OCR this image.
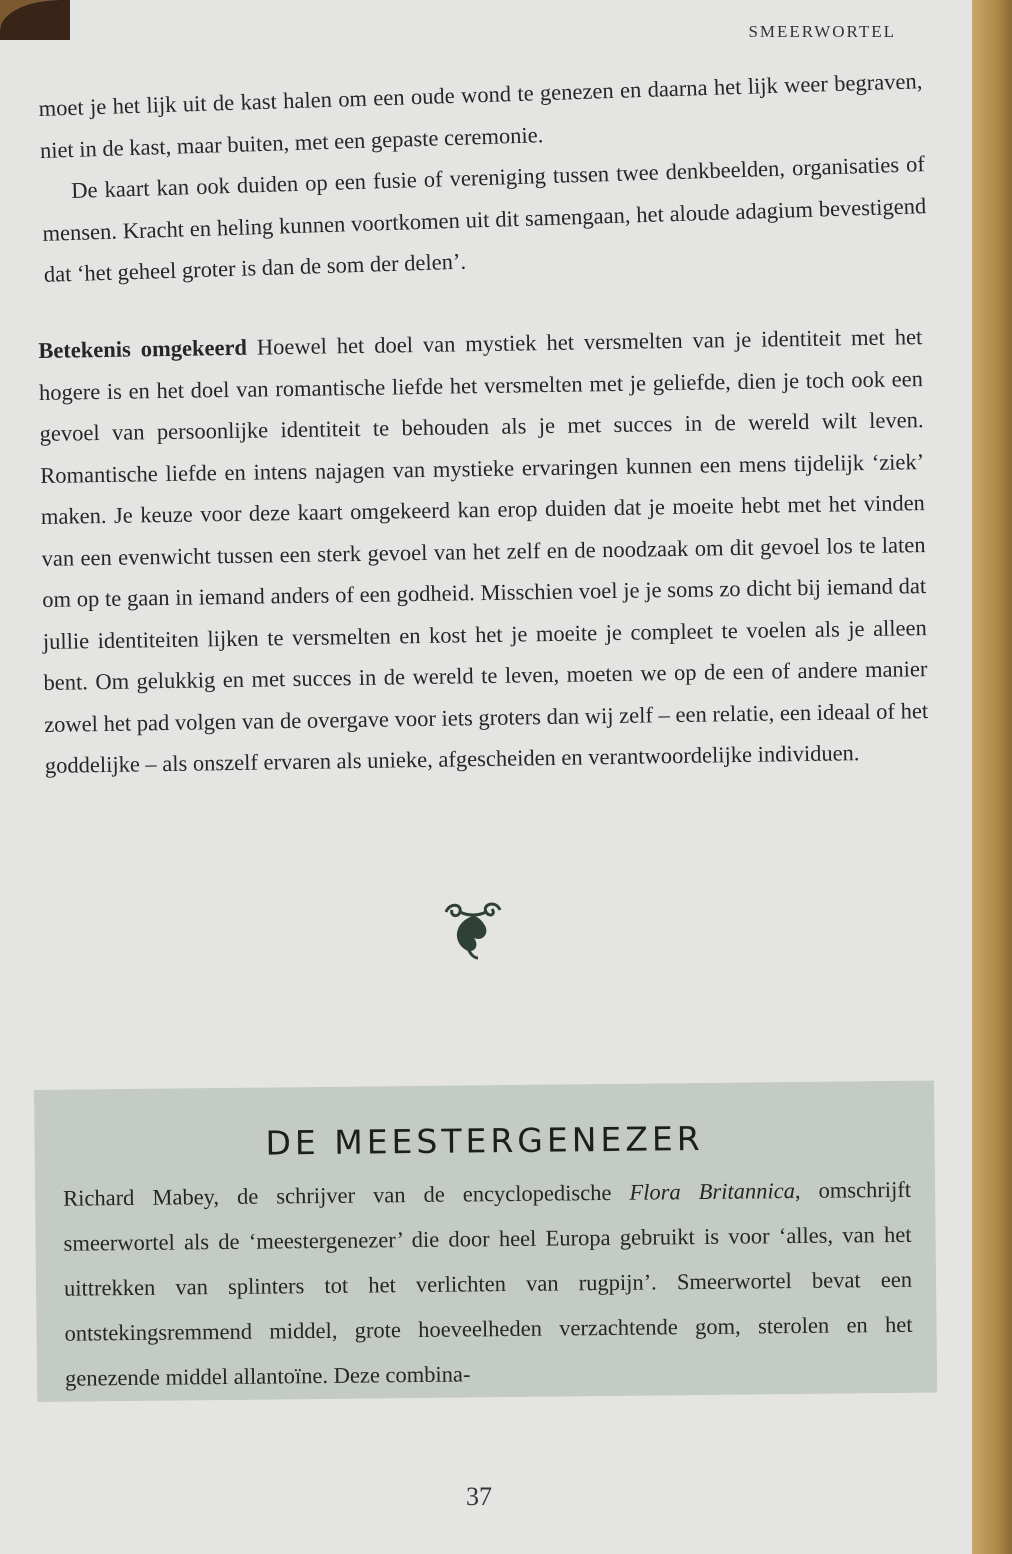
SMEERWORTEL

moet je het lijk uit de kast halen om een oude wond te genezen en daarna het lijk weer begraven, niet in de kast, maar buiten, met een gepaste ceremonie.

De kaart kan ook duiden op een fusie of vereniging tussen twee denkbeelden, organisaties of mensen. Kracht en heling kunnen voortkomen uit dit samengaan, het aloude adagium bevestigend dat ‘het geheel groter is dan de som der delen’.

Betekenis omgekeerd Hoewel het doel van mystiek het versmelten van je identiteit met het hogere is en het doel van romantische liefde het versmelten met je geliefde, dien je toch ook een gevoel van persoonlijke identiteit te behouden als je met succes in de wereld wilt leven. Romantische liefde en intens najagen van mystieke ervaringen kunnen een mens tijdelijk ‘ziek’ maken. Je keuze voor deze kaart omgekeerd kan erop duiden dat je moeite hebt met het vinden van een evenwicht tussen een sterk gevoel van het zelf en de noodzaak om dit gevoel los te laten om op te gaan in iemand anders of een godheid. Misschien voel je je soms zo dicht bij iemand dat jullie identiteiten lijken te versmelten en kost het je moeite je compleet te voelen als je alleen bent. Om gelukkig en met succes in de wereld te leven, moeten we op de een of andere manier zowel het pad volgen van de overgave voor iets groters dan wij zelf – een relatie, een ideaal of het goddelijke – als onszelf ervaren als unieke, afgescheiden en verantwoordelijke individuen.

DE MEESTERGENEZER
Richard Mabey, de schrijver van de encyclopedische Flora Britannica, omschrijft smeerwortel als de ‘meestergenezer’ die door heel Europa gebruikt is voor ‘alles, van het uittrekken van splinters tot het verlichten van rugpijn’. Smeerwortel bevat een ontstekingsremmend middel, grote hoeveelheden verzachtende gom, sterolen en het genezende middel allantoïne. Deze combina-
37
